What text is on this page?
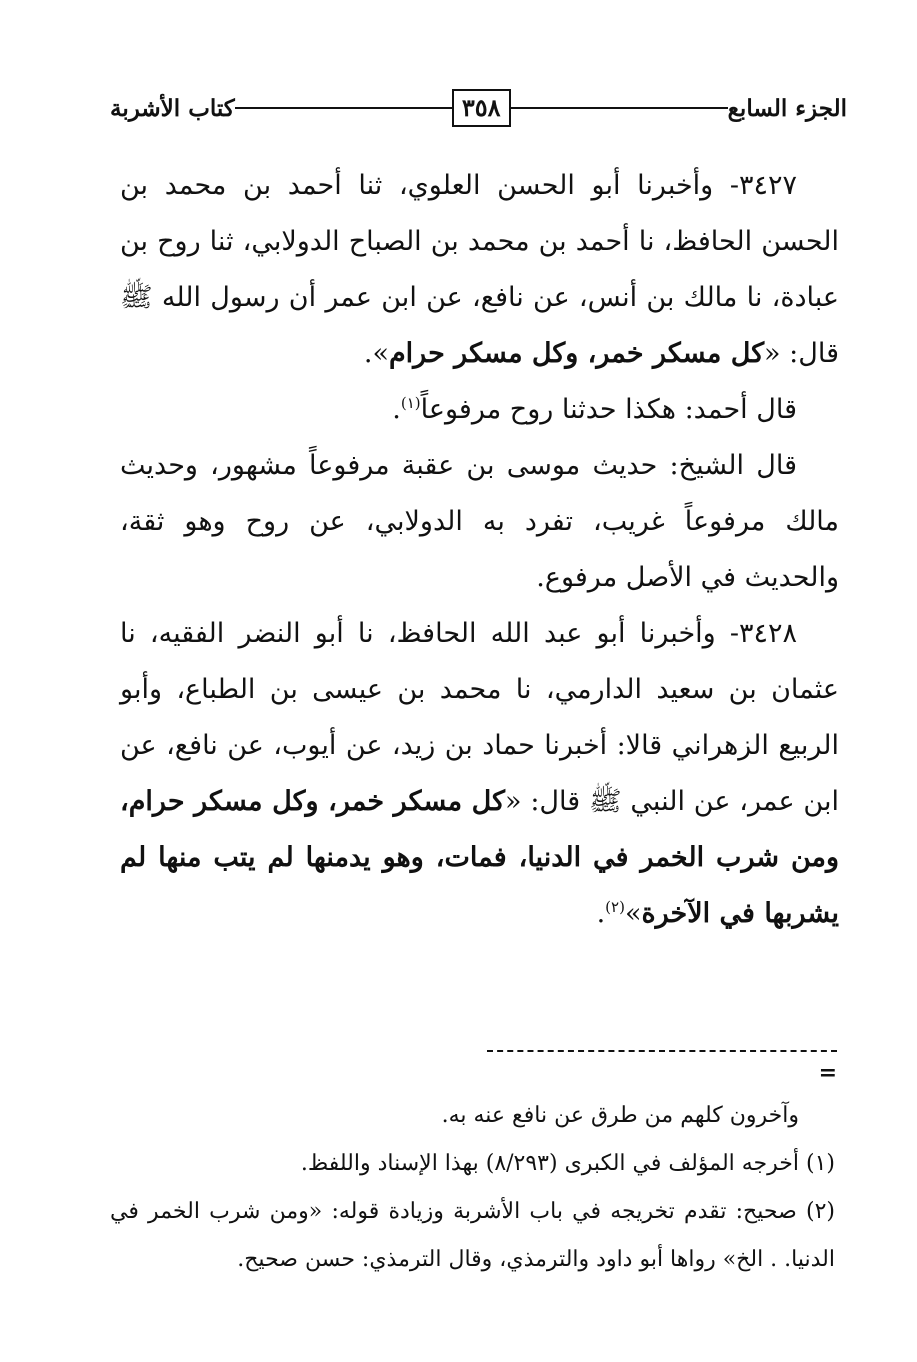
الجزء السابع
٣٥٨
كتاب الأشربة

٣٤٢٧- وأخبرنا أبو الحسن العلوي، ثنا أحمد بن محمد بن الحسن الحافظ، نا أحمد بن محمد بن الصباح الدولابي، ثنا روح بن عبادة، نا مالك بن أنس، عن نافع، عن ابن عمر أن رسول الله ﷺ قال: «كل مسكر خمر، وكل مسكر حرام».

قال أحمد: هكذا حدثنا روح مرفوعاً$^{(١)}$.

قال الشيخ: حديث موسى بن عقبة مرفوعاً مشهور، وحديث مالك مرفوعاً غريب، تفرد به الدولابي، عن روح وهو ثقة، والحديث في الأصل مرفوع.

٣٤٢٨- وأخبرنا أبو عبد الله الحافظ، نا أبو النضر الفقيه، نا عثمان بن سعيد الدارمي، نا محمد بن عيسى بن الطباع، وأبو الربيع الزهراني قالا: أخبرنا حماد بن زيد، عن أيوب، عن نافع، عن ابن عمر، عن النبي ﷺ قال: «كل مسكر خمر، وكل مسكر حرام، ومن شرب الخمر في الدنيا، فمات، وهو يدمنها لم يتب منها لم يشربها في الآخرة»$^{(٢)}$.

=

وآخرون كلهم من طرق عن نافع عنه به.

(١) أخرجه المؤلف في الكبرى (٨/٢٩٣) بهذا الإسناد واللفظ.

(٢) صحيح: تقدم تخريجه في باب الأشربة وزيادة قوله: «ومن شرب الخمر في الدنيا. . الخ» رواها أبو داود والترمذي، وقال الترمذي: حسن صحيح.
